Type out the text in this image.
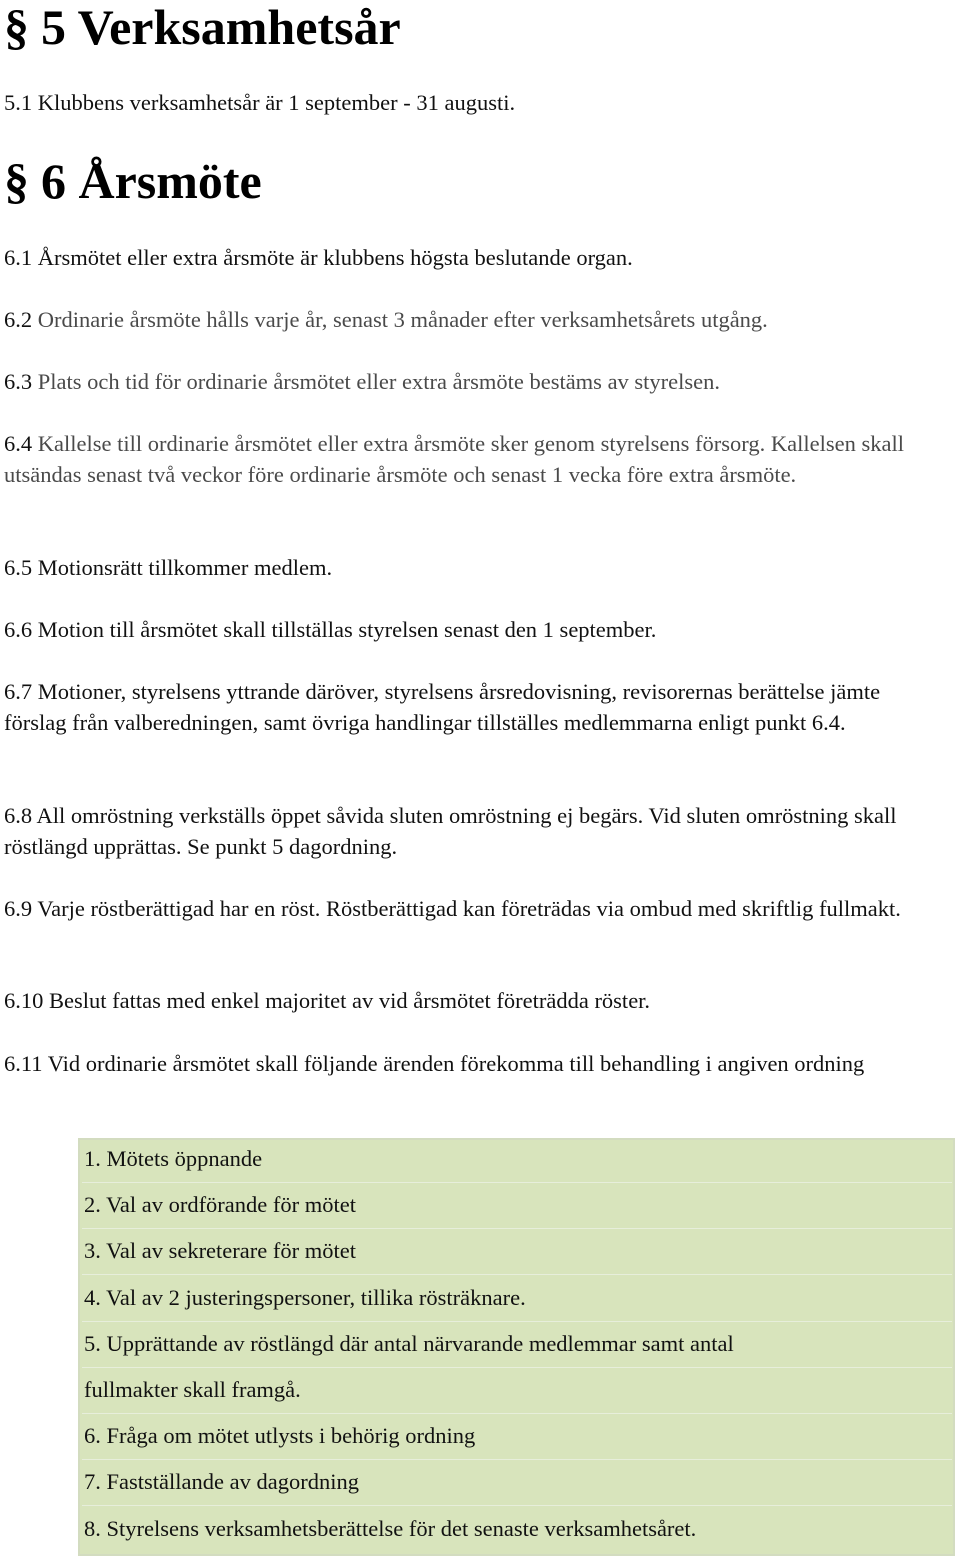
§ 5 Verksamhetsår

5.1 Klubbens verksamhetsår är 1 september - 31 augusti.

§ 6 Årsmöte

6.1 Årsmötet eller extra årsmöte är klubbens högsta beslutande organ.

6.2 Ordinarie årsmöte hålls varje år, senast 3 månader efter verksamhetsårets utgång.

6.3 Plats och tid för ordinarie årsmötet eller extra årsmöte bestäms av styrelsen.

6.4 Kallelse till ordinarie årsmötet eller extra årsmöte sker genom styrelsens försorg. Kallelsen skall utsändas senast två veckor före ordinarie årsmöte och senast 1 vecka före extra årsmöte.

6.5 Motionsrätt tillkommer medlem.

6.6 Motion till årsmötet skall tillställas styrelsen senast den 1 september.

6.7 Motioner, styrelsens yttrande däröver, styrelsens årsredovisning, revisorernas berättelse jämte förslag från valberedningen, samt övriga handlingar tillställes medlemmarna enligt punkt 6.4.

6.8 All omröstning verkställs öppet såvida sluten omröstning ej begärs. Vid sluten omröstning skall röstlängd upprättas. Se punkt 5 dagordning.

6.9 Varje röstberättigad har en röst. Röstberättigad kan företrädas via ombud med skriftlig fullmakt.

6.10 Beslut fattas med enkel majoritet av vid årsmötet företrädda röster.

6.11 Vid ordinarie årsmötet skall följande ärenden förekomma till behandling i angiven ordning

1. Mötets öppnande
2. Val av ordförande för mötet
3. Val av sekreterare för mötet
4. Val av 2 justeringspersoner, tillika rösträknare.
5. Upprättande av röstlängd där antal närvarande medlemmar samt antal
fullmakter skall framgå.
6. Fråga om mötet utlysts i behörig ordning
7. Fastställande av dagordning
8. Styrelsens verksamhetsberättelse för det senaste verksamhetsåret.
